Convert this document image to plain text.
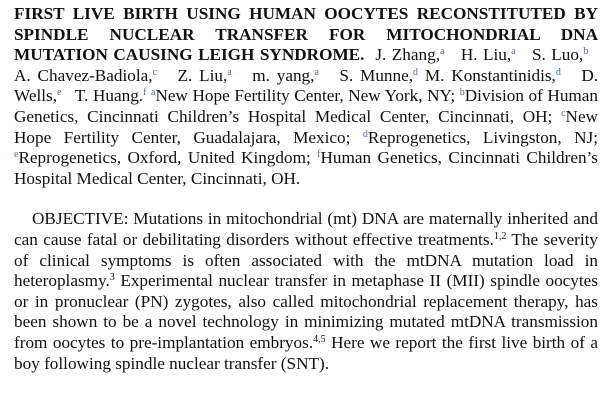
FIRST LIVE BIRTH USING HUMAN OOCYTES RECONSTITUTED BY SPINDLE NUCLEAR TRANSFER FOR MITOCHONDRIAL DNA MUTATION CAUSING LEIGH SYNDROME. J. Zhang,$^a$ H. Liu,$^a$ S. Luo,$^b$   A. Chavez-Badiola,$^c$ Z. Liu,$^a$ m. yang,$^a$ S. Munne,$^d$ M. Konstantinidis,$^d$ D. Wells,$^e$ T. Huang.$^f$ $^a$New Hope Fertility Center, New York, NY; $^b$Division of Human Genetics, Cincinnati Children’s Hospital Medical Center, Cincinnati, OH; $^c$New Hope Fertility Center, Guadalajara, Mexico; $^d$Reprogenetics, Livingston, NJ; $^e$Reprogenetics, Oxford, United Kingdom; $^f$Human Genetics, Cincinnati Children’s Hospital Medical Center, Cincinnati, OH.

OBJECTIVE: Mutations in mitochondrial (mt) DNA are maternally inherited and can cause fatal or debilitating disorders without effective treatments.$^{1,2}$ The severity of clinical symptoms is often associated with the mtDNA mutation load in heteroplasmy.$^3$ Experimental nuclear transfer in metaphase II (MII) spindle oocytes or in pronuclear (PN) zygotes, also called mitochondrial replacement therapy, has been shown to be a novel technology in minimizing mutated mtDNA transmission from oocytes to pre-implantation embryos.$^{4,5}$ Here we report the first live birth of a boy following spindle nuclear transfer (SNT).
